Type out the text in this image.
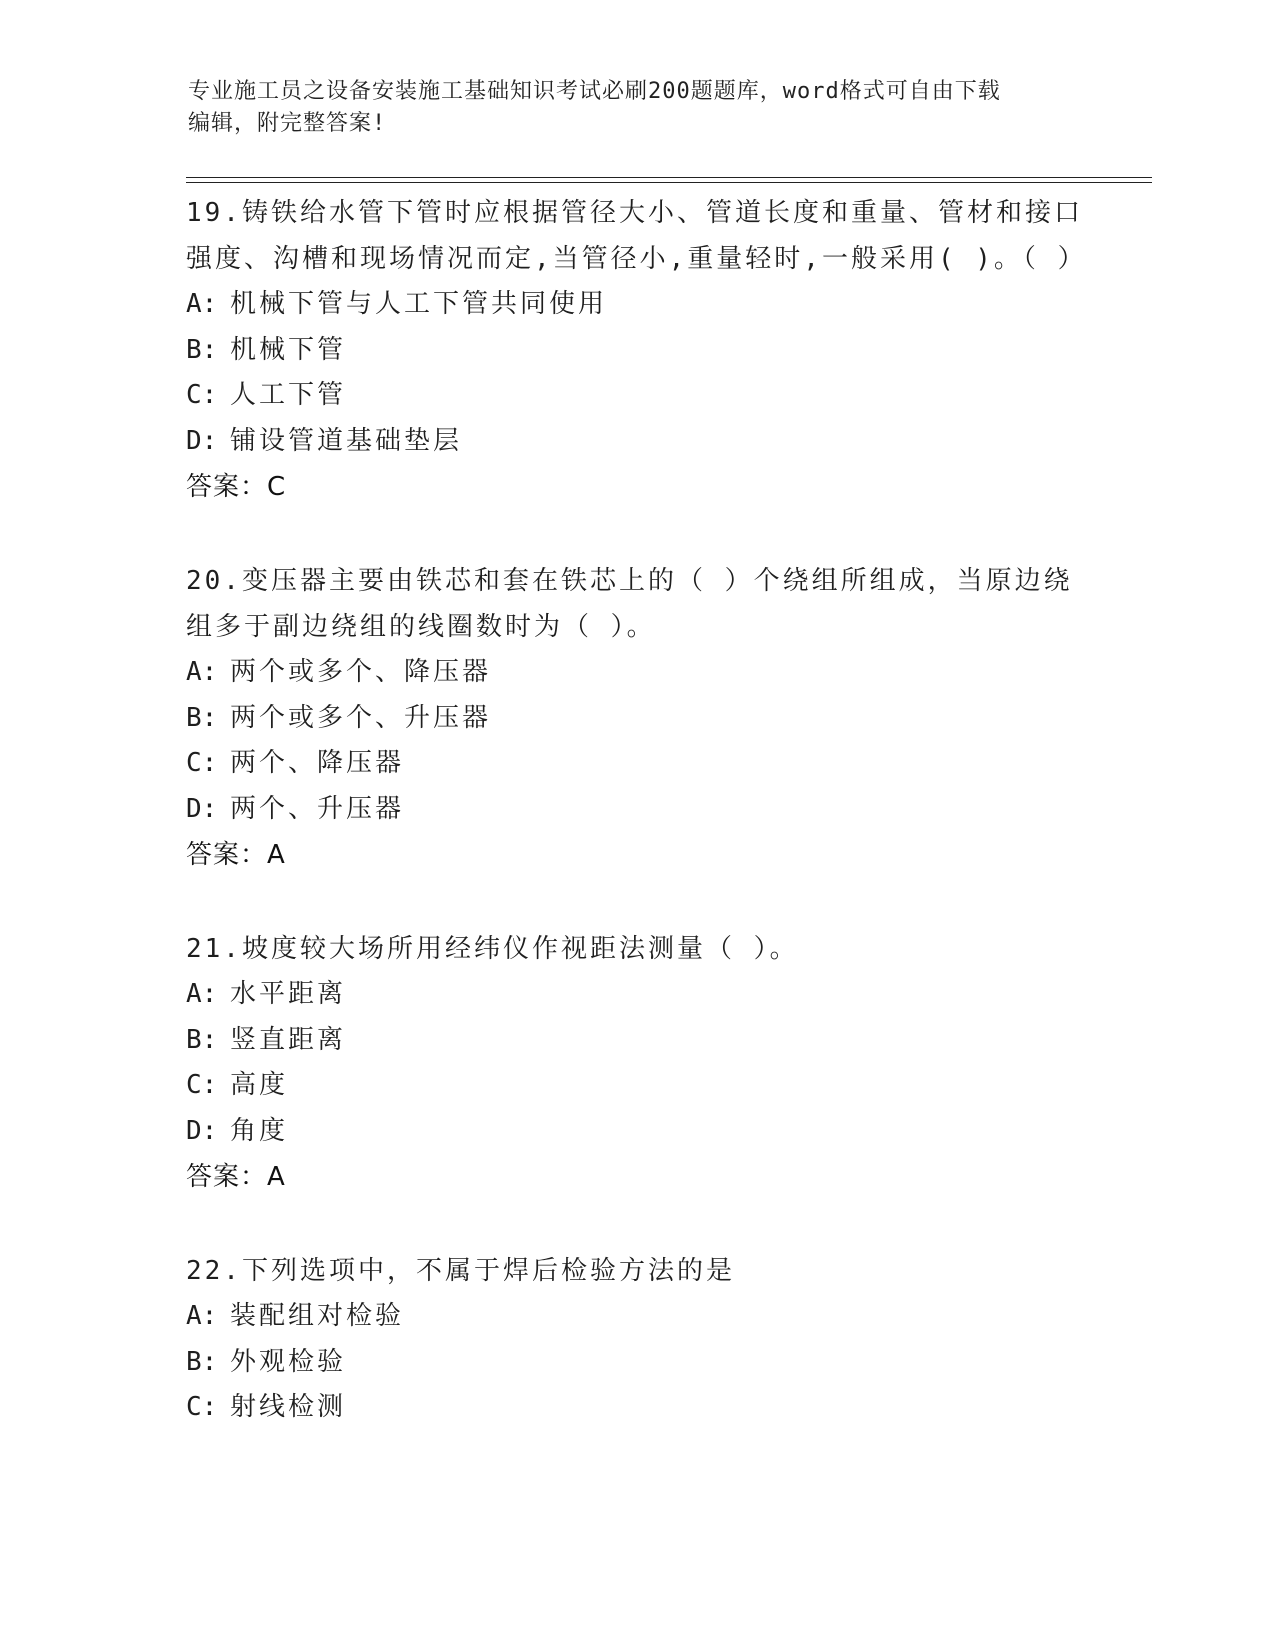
专业施工员之设备安装施工基础知识考试必刷200题题库，word格式可自由下载
编辑，附完整答案!

19.铸铁给水管下管时应根据管径大小、管道长度和重量、管材和接口强度、沟槽和现场情况而定,当管径小,重量轻时,一般采用( )。（ ）

A: 机械下管与人工下管共同使用

B: 机械下管

C: 人工下管

D: 铺设管道基础垫层

答案：C

20.变压器主要由铁芯和套在铁芯上的（ ）个绕组所组成，当原边绕组多于副边绕组的线圈数时为（ ）。

A: 两个或多个、降压器

B: 两个或多个、升压器

C: 两个、降压器

D: 两个、升压器

答案：A

21.坡度较大场所用经纬仪作视距法测量（ ）。

A: 水平距离

B: 竖直距离

C: 高度

D: 角度

答案：A

22.下列选项中，不属于焊后检验方法的是

A: 装配组对检验

B: 外观检验

C: 射线检测
